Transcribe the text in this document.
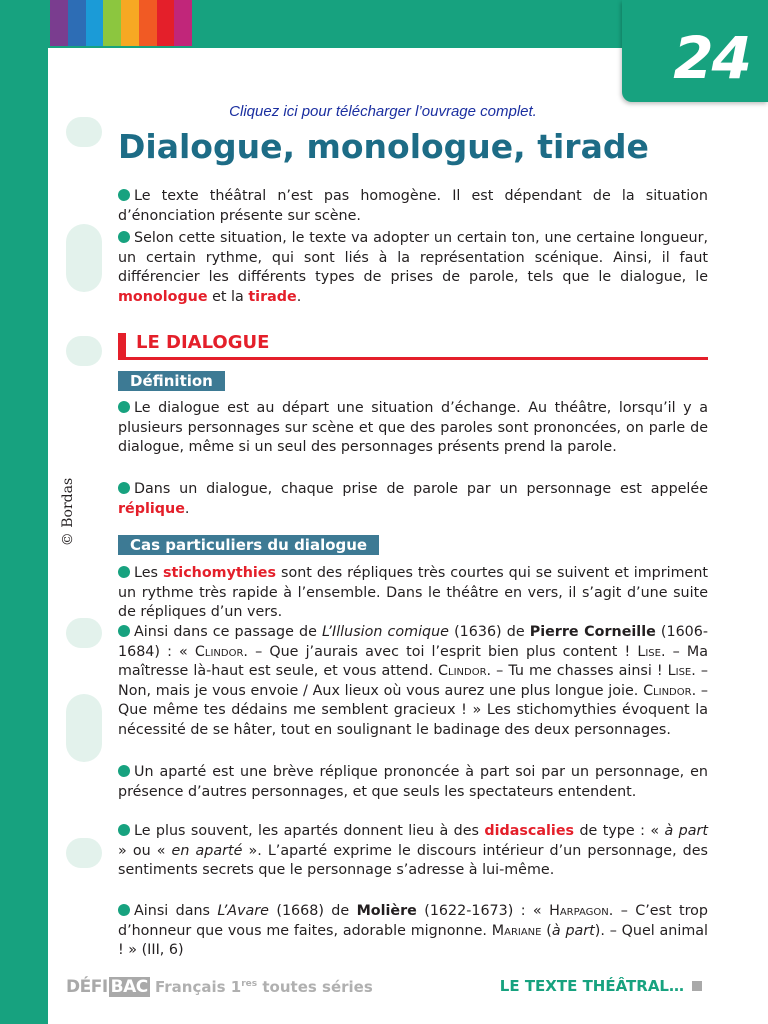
24
© Bordas
Cliquez ici pour télécharger l’ouvrage complet.
Dialogue, monologue, tirade

Le texte théâtral n’est pas homogène. Il est dépendant de la situation d’énonciation présente sur scène.

Selon cette situation, le texte va adopter un certain ton, une certaine longueur, un certain rythme, qui sont liés à la représentation scénique. Ainsi, il faut différencier les différents types de prises de parole, tels que le dialogue, le monologue et la tirade.

LE DIALOGUE
Définition

Le dialogue est au départ une situation d’échange. Au théâtre, lorsqu’il y a plusieurs personnages sur scène et que des paroles sont prononcées, on parle de dialogue, même si un seul des personnages présents prend la parole.

Dans un dialogue, chaque prise de parole par un personnage est appelée réplique.

Cas particuliers du dialogue

Les stichomythies sont des répliques très courtes qui se suivent et impriment un rythme très rapide à l’ensemble. Dans le théâtre en vers, il s’agit d’une suite de répliques d’un vers.

Ainsi dans ce passage de L’Illusion comique (1636) de Pierre Corneille (1606-1684) : « Clindor. – Que j’aurais avec toi l’esprit bien plus content ! Lise. – Ma maîtresse là-haut est seule, et vous attend. Clindor. – Tu me chasses ainsi ! Lise. – Non, mais je vous envoie / Aux lieux où vous aurez une plus longue joie. Clindor. – Que même tes dédains me semblent gracieux ! » Les stichomythies évoquent la nécessité de se hâter, tout en soulignant le badinage des deux personnages.

Un aparté est une brève réplique prononcée à part soi par un personnage, en présence d’autres personnages, et que seuls les spectateurs entendent.

Le plus souvent, les apartés donnent lieu à des didascalies de type : « à part » ou « en aparté ». L’aparté exprime le discours intérieur d’un personnage, des sentiments secrets que le personnage s’adresse à lui-même.

Ainsi dans L’Avare (1668) de Molière (1622-1673) : « Harpagon. – C’est trop d’honneur que vous me faites, adorable mignonne. Mariane (à part). – Quel animal ! » (III, 6)

DÉFI BAC Français 1res toutes séries	LE TEXTE THÉÂTRAL…
